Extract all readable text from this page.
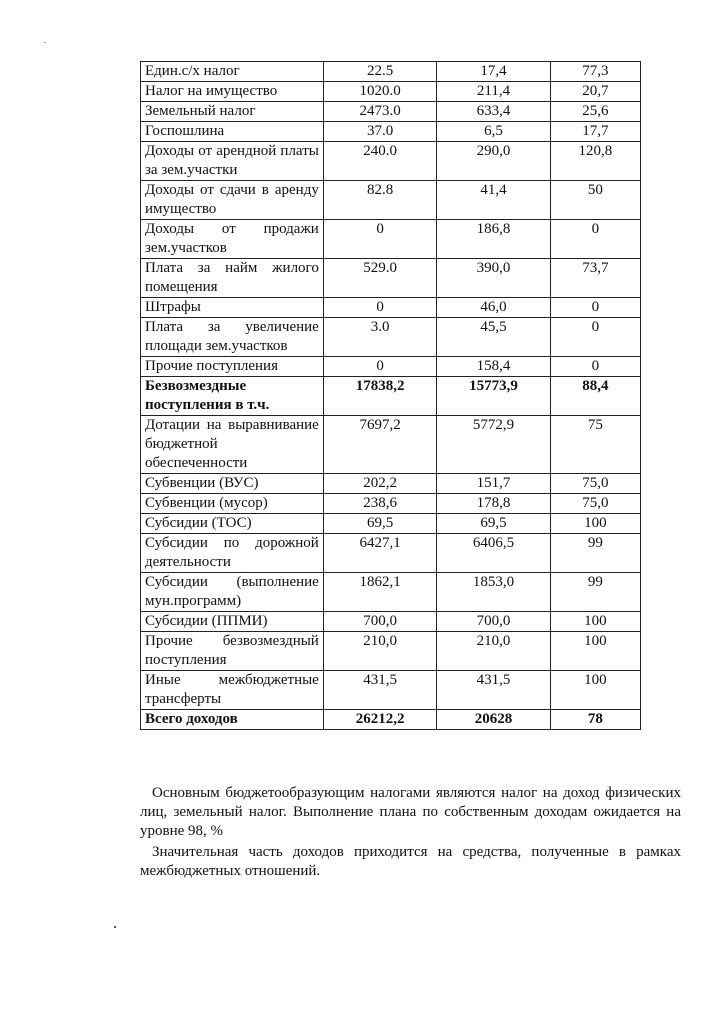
Един.с/х налог	22.5	17,4	77,3
Налог на имущество	1020.0	211,4	20,7
Земельный налог	2473.0	633,4	25,6
Госпошлина	37.0	6,5	17,7
Доходы от арендной платы за зем.участки	240.0	290,0	120,8
Доходы от сдачи в аренду имущество	82.8	41,4	50
Доходы от продажи зем.участков	0	186,8	0
Плата за найм жилого помещения	529.0	390,0	73,7
Штрафы	0	46,0	0
Плата за увеличение площади зем.участков	3.0	45,5	0
Прочие поступления	0	158,4	0
Безвозмездные поступления в т.ч.	17838,2	15773,9	88,4
Дотации на выравнивание бюджетной обеспеченности	7697,2	5772,9	75
Субвенции (ВУС)	202,2	151,7	75,0
Субвенции (мусор)	238,6	178,8	75,0
Субсидии (ТОС)	69,5	69,5	100
Субсидии по дорожной деятельности	6427,1	6406,5	99
Субсидии (выполнение мун.программ)	1862,1	1853,0	99
Субсидии (ППМИ)	700,0	700,0	100
Прочие безвозмездный поступления	210,0	210,0	100
Иные межбюджетные трансферты	431,5	431,5	100
Всего доходов	26212,2	20628	78

Основным бюджетообразующим налогами являются налог на доход физических лиц, земельный налог. Выполнение плана по собственным доходам ожидается на уровне 98, %

Значительная часть доходов приходится на средства, полученные в рамках межбюджетных отношений.
